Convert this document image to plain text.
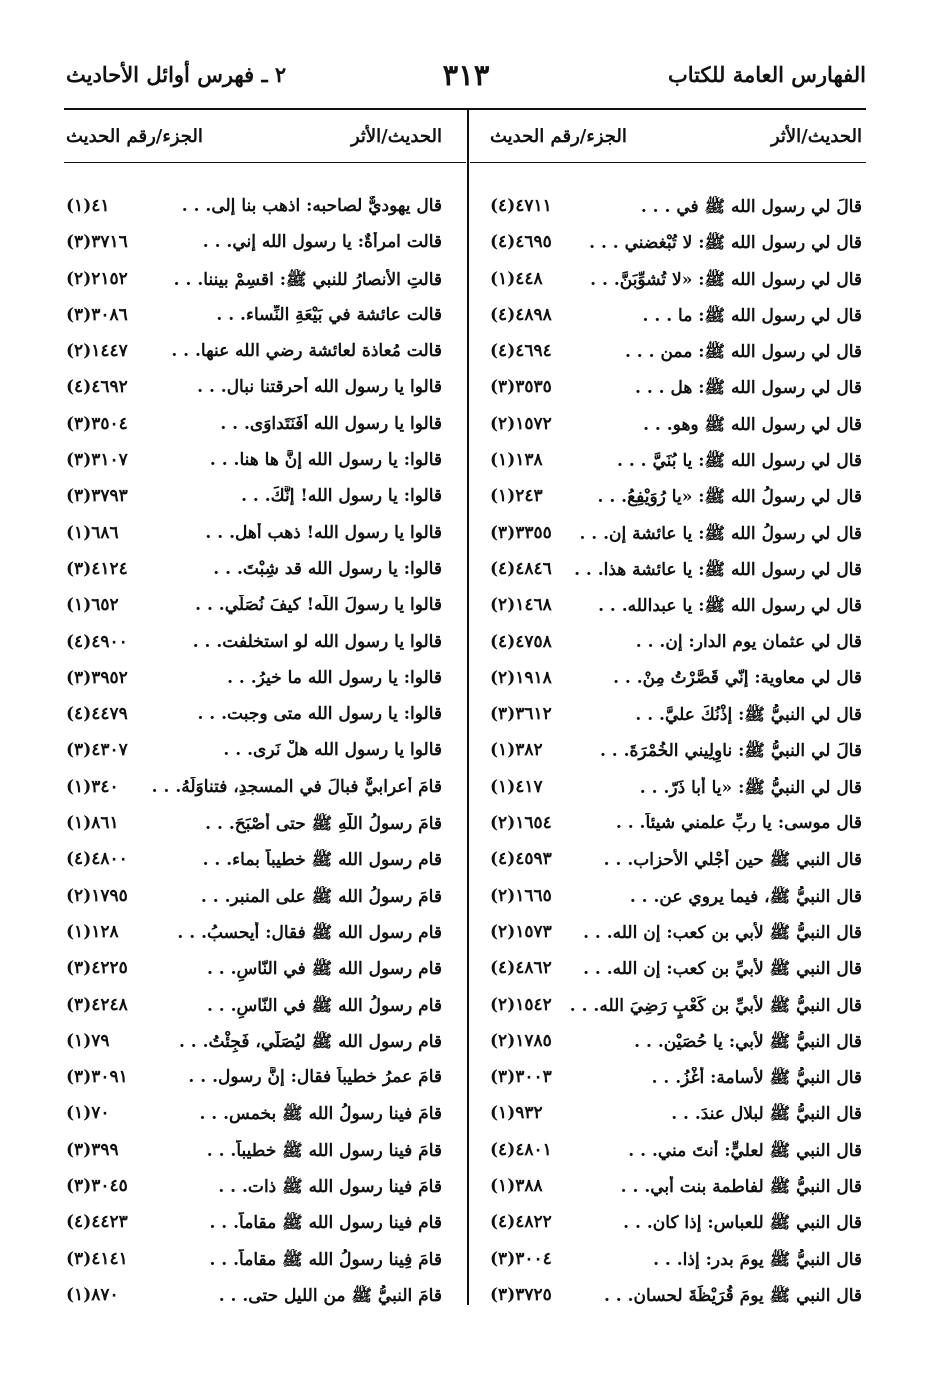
الفهارس العامة للكتاب
٣١٣
٢ ـ فهرس أوائل الأحاديث
الحديث/الأثر
الجزء/رقم الحديث
الحديث/الأثر
الجزء/رقم الحديث
قالَ لي رسول الله ﷺ في . . .
(٤)٤٧١١
قال لي رسول الله ﷺ: لا تُبْغضني . . .
(٤)٤٦٩٥
قال لي رسول الله ﷺ: «لا تُشوِّبَنَّ. . .
(١)٤٤٨
قال لي رسول الله ﷺ: ما . . .
(٤)٤٨٩٨
قال لي رسول الله ﷺ: ممن . . .
(٤)٤٦٩٤
قال لي رسول الله ﷺ: هل . . .
(٣)٣٥٣٥
قال لي رسول الله ﷺ وهو. . .
(٢)١٥٧٢
قال لي رسول الله ﷺ: يا بُنَيَّ . . .
(١)١٣٨
قال لي رسولُ الله ﷺ: «يا رُوَيْفِعُ. . .
(١)٢٤٣
قال لي رسولُ الله ﷺ: يا عائشة إن. . .
(٣)٣٣٥٥
قال لي رسول الله ﷺ: يا عائشة هذا. . .
(٤)٤٨٤٦
قال لي رسول الله ﷺ: يا عبدالله. . .
(٢)١٤٦٨
قال لي عثمان يوم الدار: إن. . .
(٤)٤٧٥٨
قال لي معاوية: إنّي قَصَّرْتُ مِنْ. . .
(٢)١٩١٨
قال لي النبيُّ ﷺ: إذْنُكَ عليَّ. . .
(٣)٣٦١٢
قالَ لي النبيُّ ﷺ: ناوِلِيني الخُمْرَةَ. . .
(١)٣٨٢
قال لي النبيُّ ﷺ: «يا أبا ذَرّ. . .
(١)٤١٧
قال موسى: يا ربِّ علمني شيئاً. . .
(٢)١٦٥٤
قال النبي ﷺ حين أُجْلي الأحزاب. . .
(٤)٤٥٩٣
قال النبيُّ ﷺ، فيما يروي عن. . .
(٢)١٦٦٥
قال النبيُّ ﷺ لأُبي بن كعب: إن الله. . .
(٢)١٥٧٣
قال النبي ﷺ لأُبيِّ بن كعب: إن الله. . .
(٤)٤٨٦٢
قال النبيُّ ﷺ لأُبيِّ بن كَعْبٍ رَضِيَ الله. . .
(٢)١٥٤٢
قال النبيُّ ﷺ لأبي: يا حُصَيْن. . .
(٢)١٧٨٥
قال النبيُّ ﷺ لأسامة: أَغْزُ. . .
(٣)٣٠٠٣
قال النبيُّ ﷺ لبلال عندَ. . .
(١)٩٣٢
قال النبي ﷺ لعليٍّ: أنتَ مني. . .
(٤)٤٨٠١
قال النبيُّ ﷺ لفاطمة بنت أبي. . .
(١)٣٨٨
قال النبي ﷺ للعباس: إذا كان. . .
(٤)٤٨٢٢
قال النبيُّ ﷺ يومَ بدر: إذا. . .
(٣)٣٠٠٤
قال النبي ﷺ يومَ قُرَيْظَةَ لحسان. . .
(٣)٣٧٢٥
قال يهوديٌّ لصاحبه: اذهب بنا إلى. . .
(١)٤١
قالت امرأةٌ: يا رسول الله إني. . .
(٣)٣٧١٦
قالتِ الأنصارُ للنبي ﷺ: اقسِمْ بيننا. . .
(٢)٢١٥٢
قالت عائشة في بَيْعَةِ النِّساء. . .
(٣)٣٠٨٦
قالت مُعاذة لعائشة رضي الله عنها. . .
(٢)١٤٤٧
قالوا يا رسول الله أحرقتنا نبال. . .
(٤)٤٦٩٢
قالوا يا رسول الله أفَنَتَداوَى. . .
(٣)٣٥٠٤
قالوا: يا رسول الله إنَّ ها هنا. . .
(٣)٣١٠٧
قالوا: يا رسول الله! إنَّكَ. . .
(٣)٣٧٩٣
قالوا يا رسول الله! ذهب أهل. . .
(١)٦٨٦
قالوا: يا رسول الله قد شِبْتَ. . .
(٣)٤١٢٤
قالوا يا رسولَ اللّه! كيفَ نُصَلّي. . .
(١)٦٥٢
قالوا يا رسول الله لو استخلفت. . .
(٤)٤٩٠٠
قالوا: يا رسول الله ما خيرُ. . .
(٣)٣٩٥٢
قالوا: يا رسول الله متى وجبت. . .
(٤)٤٤٧٩
قالوا يا رسول الله هلْ نَرى. . .
(٣)٤٣٠٧
قامَ أعرابيٌّ فبالَ في المسجدِ، فتناوَلَهُ. . .
(١)٣٤٠
قامَ رسولُ اللّهِ ﷺ حتى أصْبَحَ. . .
(١)٨٦١
قام رسول الله ﷺ خطيباً بماء. . .
(٤)٤٨٠٠
قامَ رسولُ الله ﷺ على المنبر. . .
(٢)١٧٩٥
قام رسول الله ﷺ فقال: أيحسبُ. . .
(١)١٢٨
قام رسول الله ﷺ في النّاسِ. . .
(٣)٤٢٢٥
قام رسولُ الله ﷺ في النّاسِ. . .
(٣)٤٢٤٨
قام رسول الله ﷺ ليُصَلّي، فَجِئْتُ. . .
(١)٧٩
قامَ عمرُ خطيباً فقال: إنَّ رسول. . .
(٣)٣٠٩١
قامَ فينا رسولُ الله ﷺ بخمس. . .
(١)٧٠
قامَ فينا رسول الله ﷺ خطيباً. . .
(٣)٣٩٩
قامَ فينا رسول الله ﷺ ذات. . .
(٣)٣٠٤٥
قام فينا رسول الله ﷺ مقاماً. . .
(٤)٤٤٢٣
قامَ فِينا رسولُ الله ﷺ مقاماً. . .
(٣)٤١٤١
قامَ النبيُّ ﷺ من الليل حتى. . .
(١)٨٧٠
